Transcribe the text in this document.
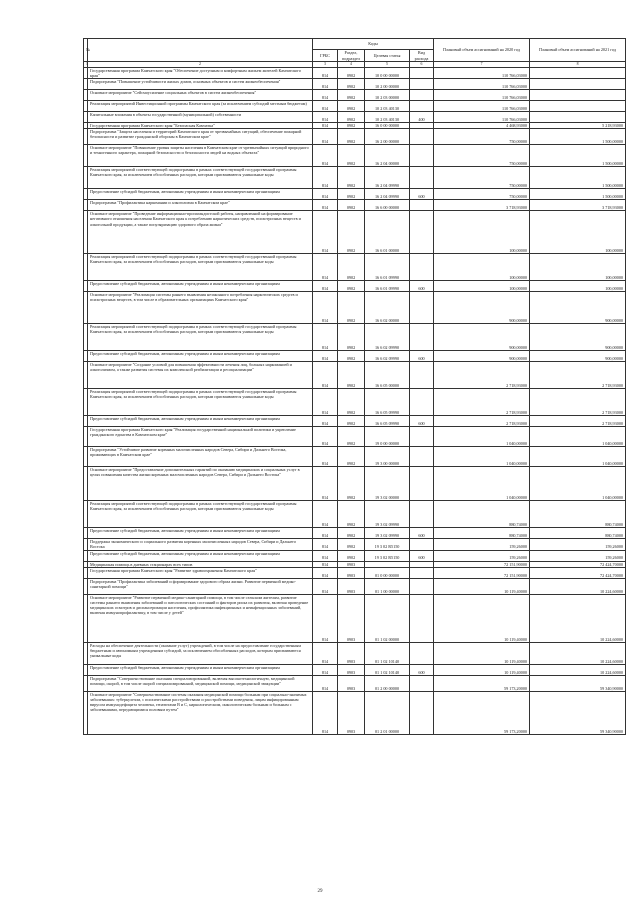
№		Коды				Плановый объем ассигнований на 2020 год	Плановый объем ассигнований на 2021 год
		ГРБС	Раздел, подраздел	Целевая статья	Вид расхода		
1	2	3	4	5	6	7	8
	Государственная программа Камчатского края "Обеспечение доступным и комфортным жильем жителей Камчатского края"	814	0902	10 0 00 00000		110 766,03000	
	Подпрограмма "Повышение устойчивости жилых домов, основных объектов и систем жизнеобеспечения"	814	0902	10 2 00 00000		110 766,03000	
	Основное мероприятие "Сейсмоусиление социальных объектов в систем жизнеобеспечения"	814	0902	10 2 03 00000		110 766,03000	
	Реализация мероприятий Инвестиционной программы Камчатского края (за исключением субсидий местным бюджетам)	814	0902	10 2 03 40130		110 766,03000	
	Капитальные вложения в объекты государственной (муниципальной) собственности	814	0902	10 2 03 40130	400	110 766,03000	
	Государственная программа Камчатского края "Безопасная Камчатка"	814	0902	16 0 00 00000		4 468,93000	5 218,93000
	Подпрограмма "Защита населения и территорий Камчатского края от чрезвычайных ситуаций, обеспечение пожарной безопасности и развитие гражданской обороны в Камчатском крае"	814	0902	16 2 00 00000		750,00000	1 500,00000
	Основное мероприятие "Повышение уровня защиты населения в Камчатском крае от чрезвычайных ситуаций природного и техногенного характера, пожарной безопасности и безопасности людей на водных объектах"	814	0902	16 2 04 00000		750,00000	1 500,00000
	Реализация мероприятий соответствующей подпрограммы в рамках соответствующей государственной программы Камчатского края, за исключением обособленных расходов, которым присваиваются уникальные коды	814	0902	16 2 04 09990		750,00000	1 500,00000
	Предоставление субсидий бюджетным, автономным учреждениям и иным некоммерческим организациям	814	0902	16 2 04 09990	600	750,00000	1 500,00000
	Подпрограмма "Профилактика наркомании и алкоголизма в Камчатском крае"	814	0902	16 6 00 00000		3 718,93000	3 718,93000
	Основное мероприятие "Проведение информационно-пропагандистской работы, направленной на формирование негативного отношения населения Камчатского края к потреблению наркотических средств, психотропных веществ и алкогольной продукции, а также популяризацию здорового образа жизни"	814	0902	16 6 01 00000		100,00000	100,00000
	Реализация мероприятий соответствующей подпрограммы в рамках соответствующей государственной программы Камчатского края, за исключением обособленных расходов, которым присваиваются уникальные коды	814	0902	16 6 01 09990		100,00000	100,00000
	Предоставление субсидий бюджетным, автономным учреждениям и иным некоммерческим организациям	814	0902	16 6 01 09990	600	100,00000	100,00000
	Основное мероприятие "Реализация системы раннего выявления незаконного потребления наркотических средств и психотропных веществ, в том числе в образовательных организациях Камчатского края"	814	0902	16 6 02 00000		900,00000	900,00000
	Реализация мероприятий соответствующей подпрограммы в рамках соответствующей государственной программы Камчатского края, за исключением обособленных расходов, которым присваиваются уникальные коды	814	0902	16 6 02 09990		900,00000	900,00000
	Предоставление субсидий бюджетным, автономным учреждениям и иным некоммерческим организациям	814	0902	16 6 02 09990	600	900,00000	900,00000
	Основное мероприятие "Создание условий для повышения эффективности лечения лиц, больных наркоманией и алкоголизмом, а также развития системы их комплексной реабилитации и ресоциализации"	814	0902	16 6 05 00000		2 718,93000	2 718,93000
	Реализация мероприятий соответствующей подпрограммы в рамках соответствующей государственной программы Камчатского края, за исключением обособленных расходов, которым присваиваются уникальные коды	814	0902	16 6 05 09990		2 718,93000	2 718,93000
	Предоставление субсидий бюджетным, автономным учреждениям и иным некоммерческим организациям	814	0902	16 6 05 09990	600	2 718,93000	2 718,93000
	Государственная программа Камчатского края "Реализация государственной национальной политики и укрепление гражданского единства в Камчатском крае"	814	0902	19 0 00 00000		1 040,00000	1 040,00000
	Подпрограмма "Устойчивое развитие коренных малочисленных народов Севера, Сибири и Дальнего Востока, проживающих в Камчатском крае"	814	0902	19 3 00 00000		1 040,00000	1 040,00000
	Основное мероприятие "Предоставление дополнительных гарантий по оказанию медицинских и социальных услуг в целях повышения качества жизни коренных малочисленных народов Севера, Сибири и Дальнего Востока"	814	0902	19 3 02 00000		1 040,00000	1 040,00000
	Реализация мероприятий соответствующей подпрограммы в рамках соответствующей государственной программы Камчатского края, за исключением обособленных расходов, которым присваиваются уникальные коды	814	0902	19 3 02 09990		880,74000	880,74000
	Предоставление субсидий бюджетным, автономным учреждениям и иным некоммерческим организациям	814	0902	19 3 02 09990	600	880,74000	880,74000
	Поддержка экономического и социального развития коренных малочисленных народов Севера, Сибири и Дальнего Востока	814	0902	19 3 02 R5150		159,26000	159,26000
	Предоставление субсидий бюджетным, автономным учреждениям и иным некоммерческим организациям	814	0902	19 3 02 R5150	600	159,26000	159,26000
	Медицинская помощь в дневных стационарах всех типов	814	0903			72 151,90000	72 424,70000
	Государственная программа Камчатского края "Развитие здравоохранения Камчатского края"	814	0903	01 0 00 00000		72 151,90000	72 424,70000
	Подпрограмма "Профилактика заболеваний и формирование здорового образа жизни. Развитие первичной медико-санитарной помощи"	814	0903	01 1 00 00000		10 119,40000	10 224,60000
	Основное мероприятие "Развитие первичной медико-санитарной помощи, в том числе сельским жителям, развитие системы раннего выявления заболеваний и патологических состояний и факторов риска их развития, включая проведение медицинских осмотров и диспансеризации населения, профилактика инфекционных и неинфекционных заболеваний, включая иммунопрофилактику, в том числе у детей"	814	0903	01 1 02 00000		10 119,40000	10 224,60000
	Расходы на обеспечение деятельности (оказание услуг) учреждений, в том числе на предоставление государственным бюджетным и автономным учреждениям субсидий, за исключением обособленных расходов, которым присваиваются уникальные коды	814	0903	01 1 02 10140		10 119,40000	10 224,60000
	Предоставление субсидий бюджетным, автономным учреждениям и иным некоммерческим организациям	814	0903	01 1 02 10140	600	10 119,40000	10 224,60000
	Подпрограмма "Совершенствование оказания специализированной, включая высокотехнологичную, медицинской помощи, скорой, в том числе скорой специализированной, медицинской помощи, медицинской эвакуации"	814	0903	01 2 00 00000		59 173,20000	59 340,90000
	Основное мероприятие "Совершенствование системы оказания медицинской помощи больным при социально-значимых заболеваниях: туберкулезом, с психическими расстройствами и расстройствами поведения, лицам инфицированным вирусом иммунодефицита человека, гепатитами B и C, наркологическим, онкологическим больным и больным с заболеваниями, передающимися половым путем"	814	0903	01 2 01 00000		59 173,20000	59 340,90000
29
